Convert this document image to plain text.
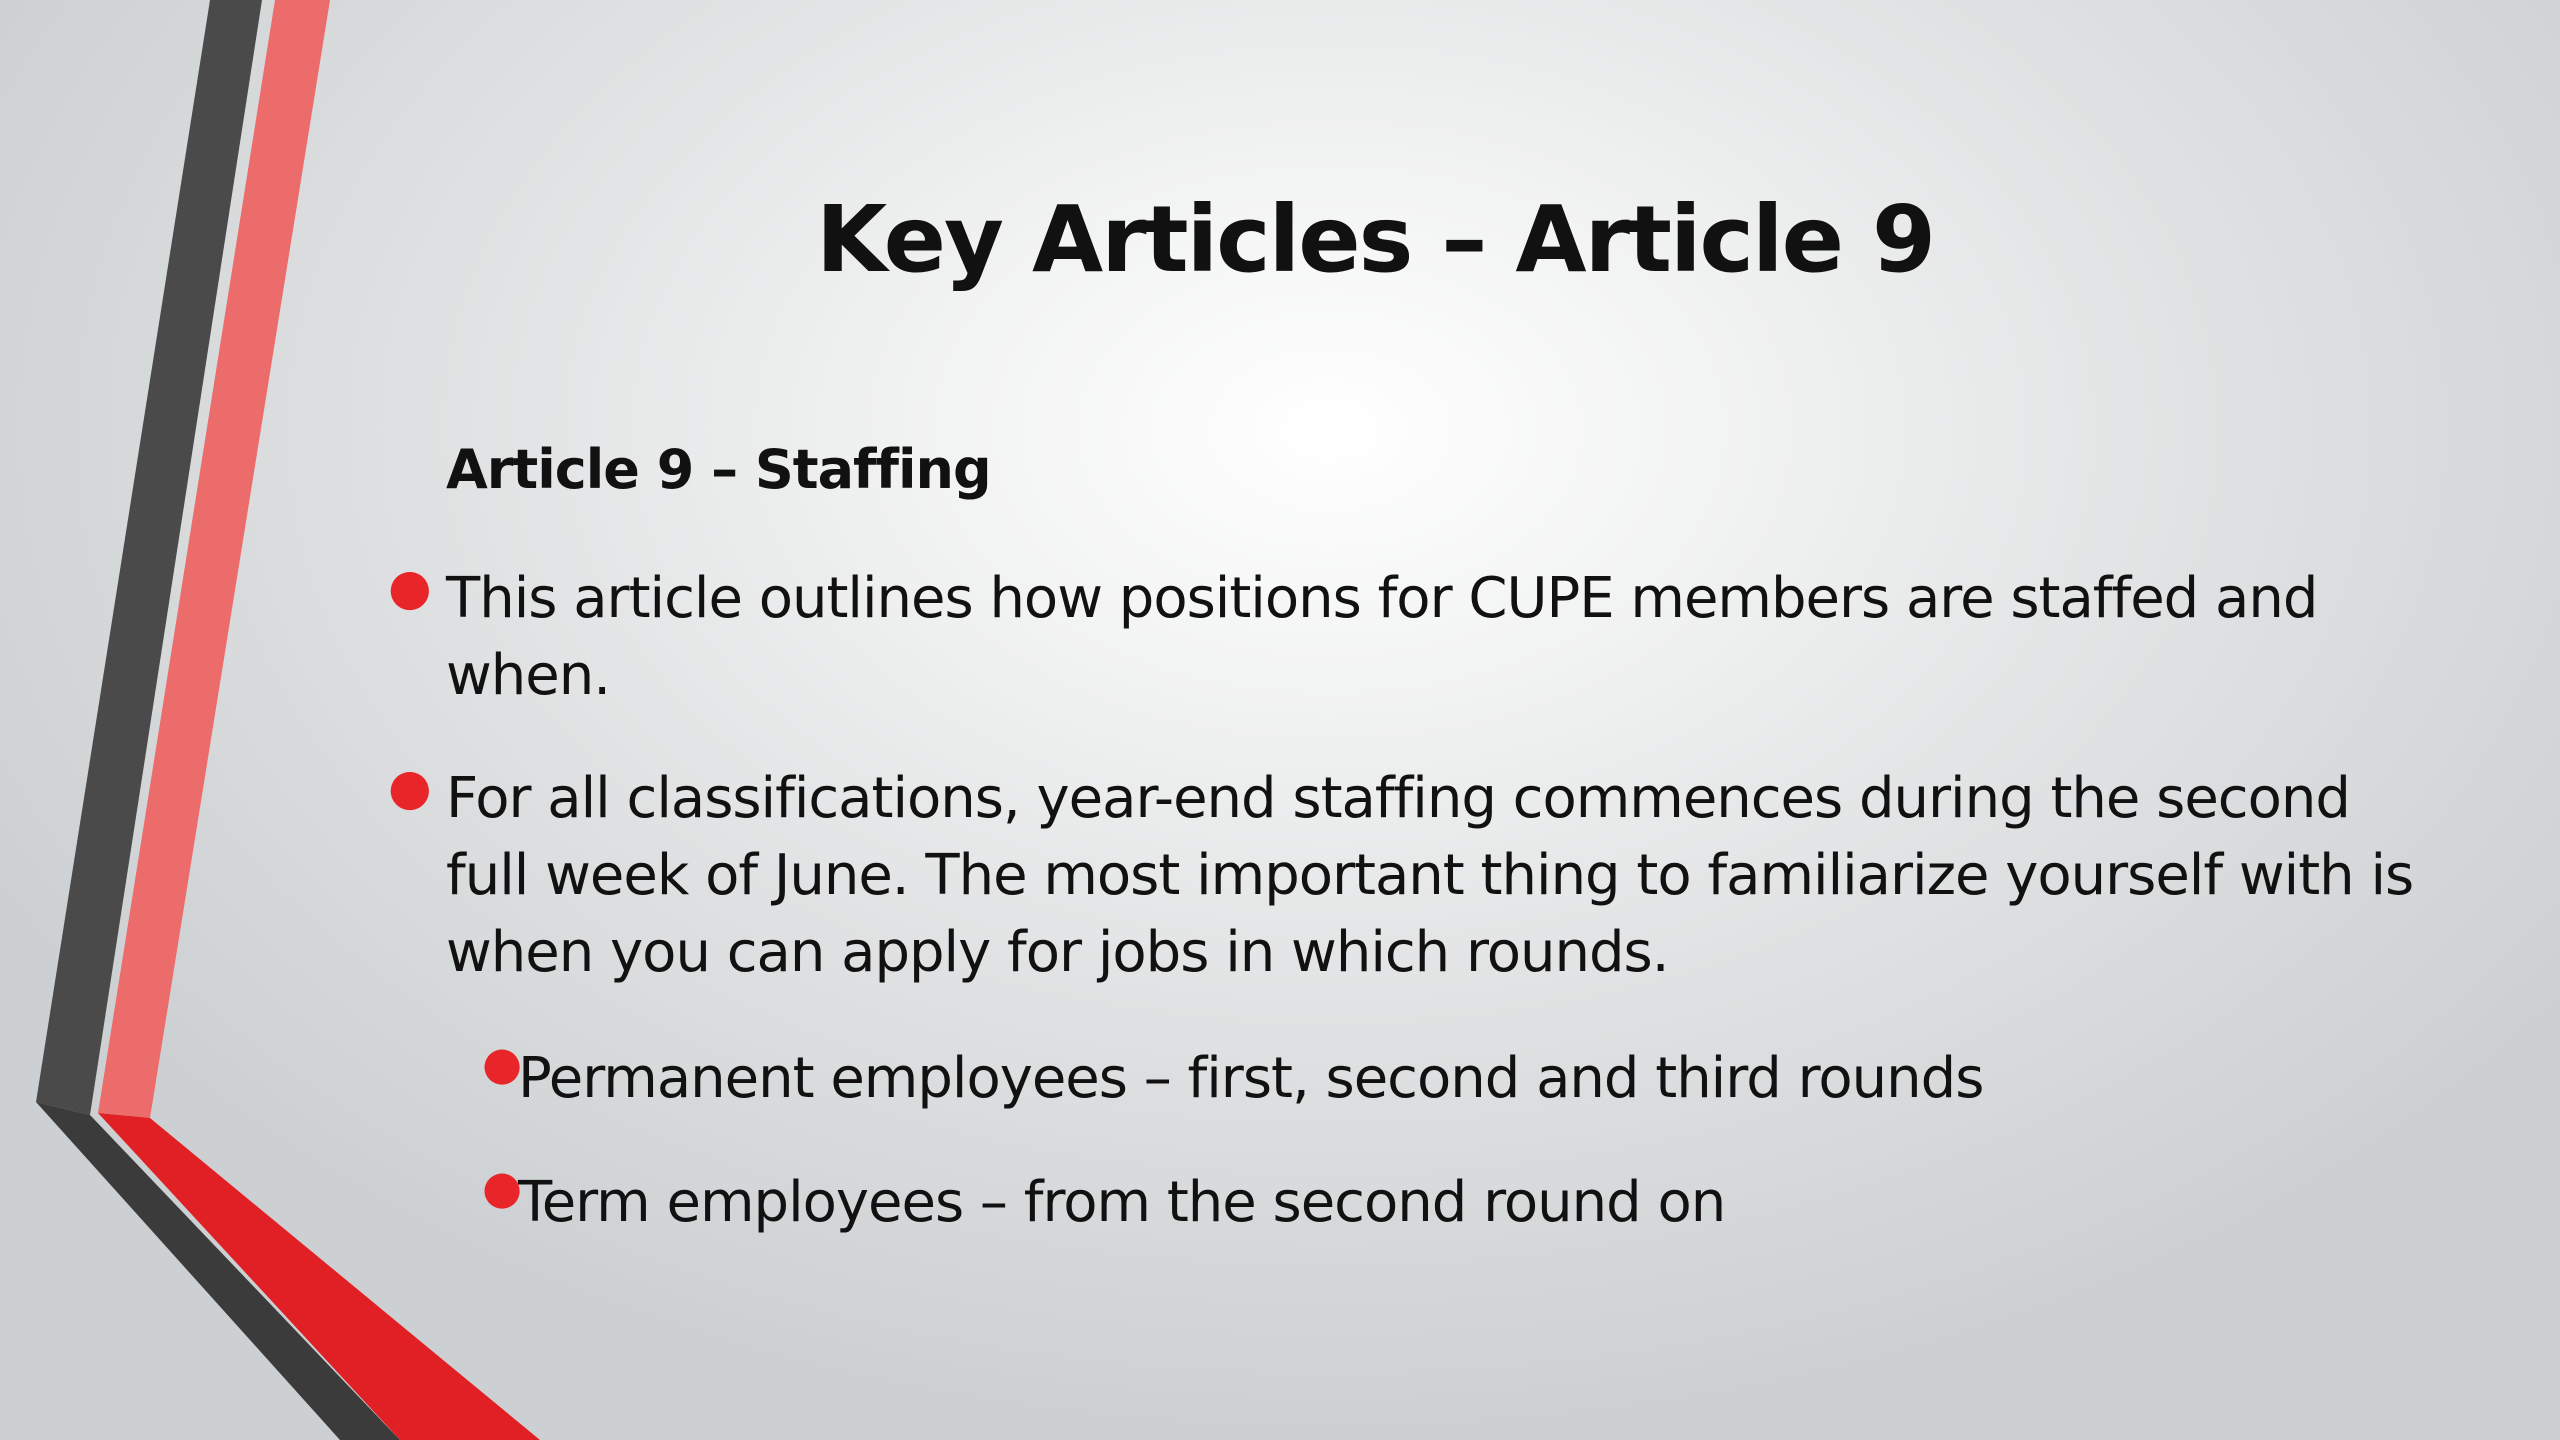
Key Articles – Article 9
Article 9 – Staffing
● This article outlines how positions for CUPE members are staffed and when.
● For all classifications, year-end staffing commences during the second full week of June. The most important thing to familiarize yourself with is when you can apply for jobs in which rounds.
●
Permanent employees – first, second and third rounds
●
Term employees – from the second round on
